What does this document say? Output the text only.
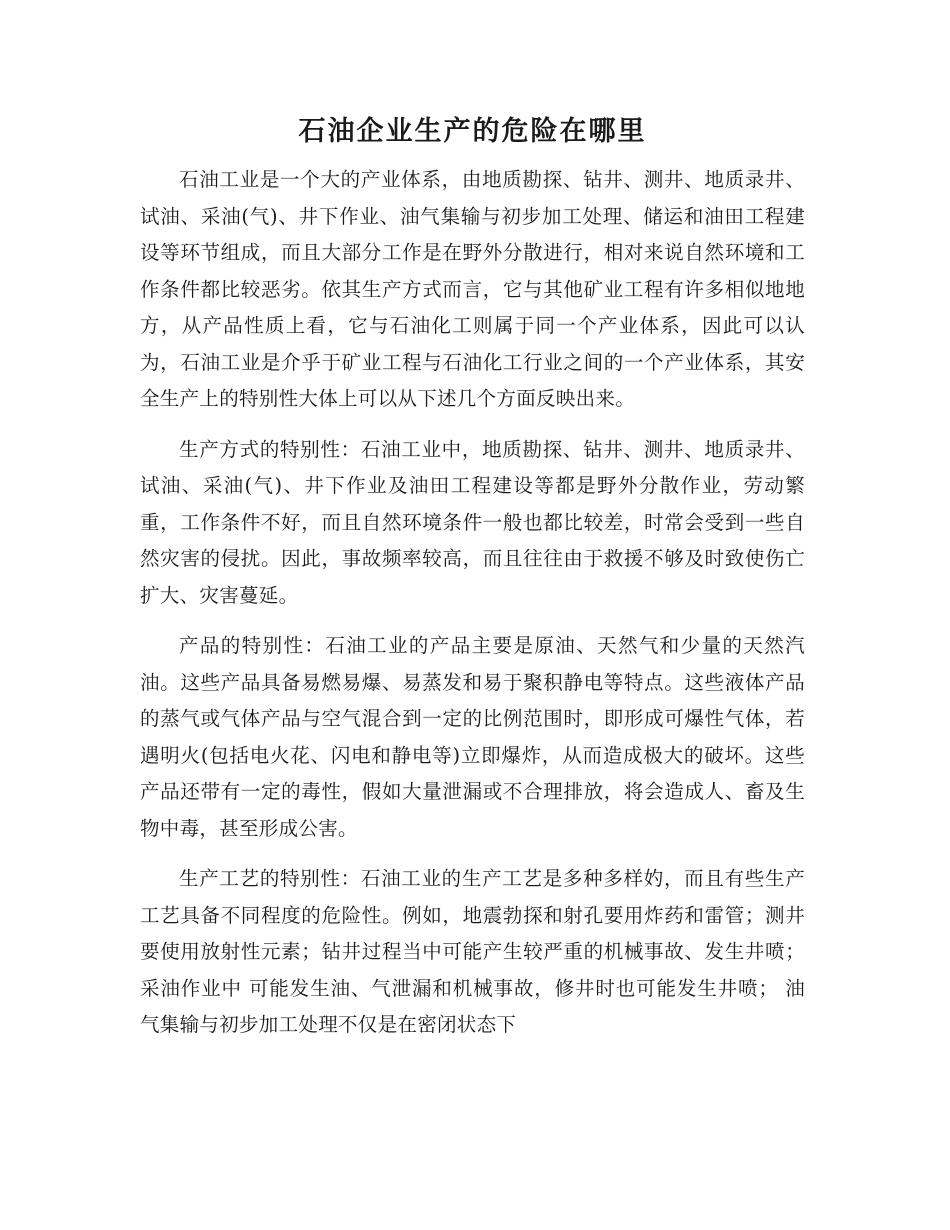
石油企业生产的危险在哪里

石油工业是一个大的产业体系，由地质勘探、钻井、测井、地质录井、试油、采油(气)、井下作业、油气集输与初步加工处理、储运和油田工程建设等环节组成，而且大部分工作是在野外分散进行，相对来说自然环境和工作条件都比较恶劣。依其生产方式而言，它与其他矿业工程有许多相似地地方，从产品性质上看，它与石油化工则属于同一个产业体系，因此可以认为，石油工业是介乎于矿业工程与石油化工行业之间的一个产业体系，其安全生产上的特别性大体上可以从下述几个方面反映出来。

生产方式的特别性：石油工业中，地质勘探、钻井、测井、地质录井、试油、采油(气)、井下作业及油田工程建设等都是野外分散作业，劳动繁重，工作条件不好，而且自然环境条件一般也都比较差，时常会受到一些自然灾害的侵扰。因此，事故频率较高，而且往往由于救援不够及时致使伤亡扩大、灾害蔓延。

产品的特别性：石油工业的产品主要是原油、天然气和少量的天然汽油。这些产品具备易燃易爆、易蒸发和易于聚积静电等特点。这些液体产品的蒸气或气体产品与空气混合到一定的比例范围时，即形成可爆性气体，若遇明火(包括电火花、闪电和静电等)立即爆炸，从而造成极大的破坏。这些产品还带有一定的毒性，假如大量泄漏或不合理排放，将会造成人、畜及生物中毒，甚至形成公害。

生产工艺的特别性：石油工业的生产工艺是多种多样妁，而且有些生产工艺具备不同程度的危险性。例如，地震勃探和射孔要用炸药和雷管；测井要使用放射性元素；钻井过程当中可能产生较严重的机械事故、发生井喷；采油作业中 可能发生油、气泄漏和机械事故，修井时也可能发生井喷； 油气集输与初步加工处理不仅是在密闭状态下
